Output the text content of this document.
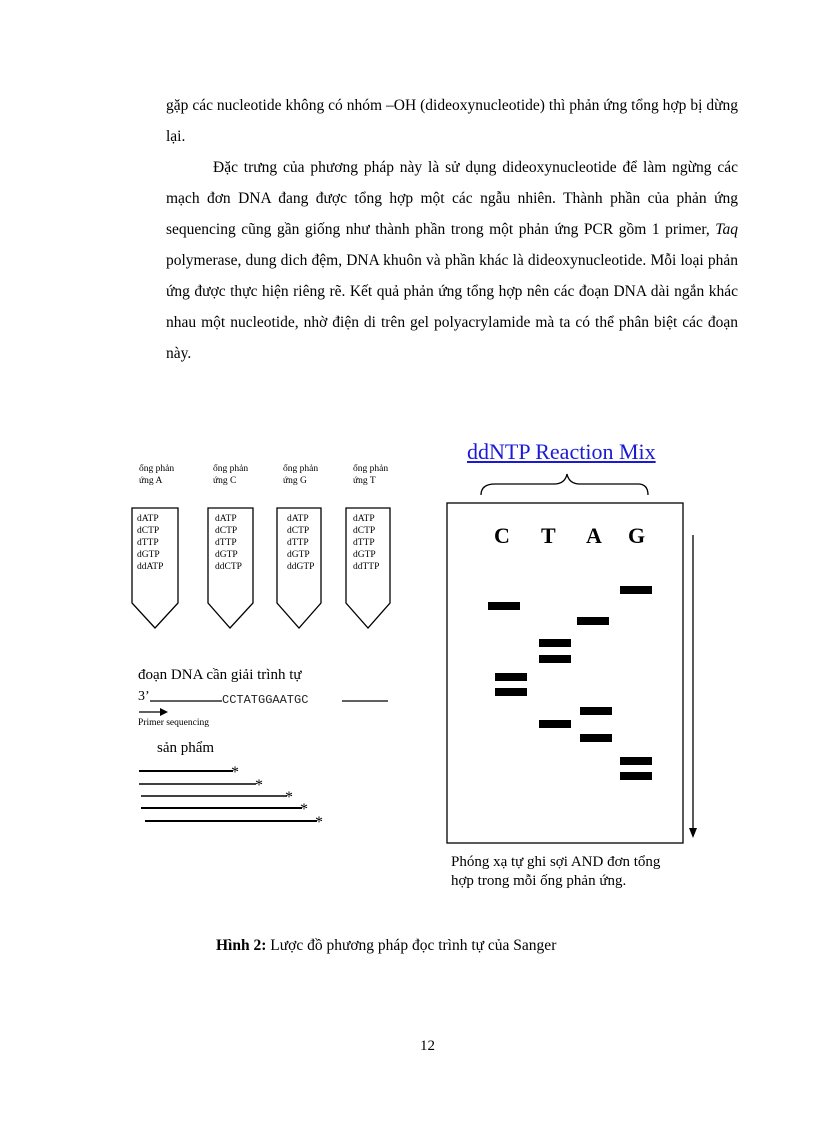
gặp các nucleotide không có nhóm –OH (dideoxynucleotide) thì phản ứng tổng hợp bị dừng lại.

Đặc trưng của phương pháp này là sử dụng dideoxynucleotide để làm ngừng các mạch đơn DNA đang được tổng hợp một các ngẫu nhiên. Thành phần của phản ứng sequencing cũng gần giống như thành phần trong một phản ứng PCR gồm 1 primer, Taq polymerase, dung dich đệm, DNA khuôn và phần khác là dideoxynucleotide. Mỗi loại phản ứng được thực hiện riêng rẽ. Kết quả phản ứng tổng hợp nên các đoạn DNA dài ngắn khác nhau một nucleotide, nhờ điện di trên gel polyacrylamide mà ta có thể phân biệt các đoạn này.

ống phản
ứng A
dATP
dCTP
dTTP
dGTP
ddATP
ống phản
ứng C
dATP
dCTP
dTTP
dGTP
ddCTP
ống phản
ứng G
dATP
dCTP
dTTP
dGTP
ddGTP
ống phản
ứng T
dATP
dCTP
dTTP
dGTP
ddTTP
ddNTP Reaction Mix
C T A G
đoạn DNA cần giải trình tự
3’	CCTATGGAATGC
Primer sequencing
sản phẩm
*
*
*
*
*
Phóng xạ tự ghi sợi AND đơn tổng
hợp trong mỗi ống phản ứng.
Hình 2: Lược đồ phương pháp đọc trình tự của Sanger
12
